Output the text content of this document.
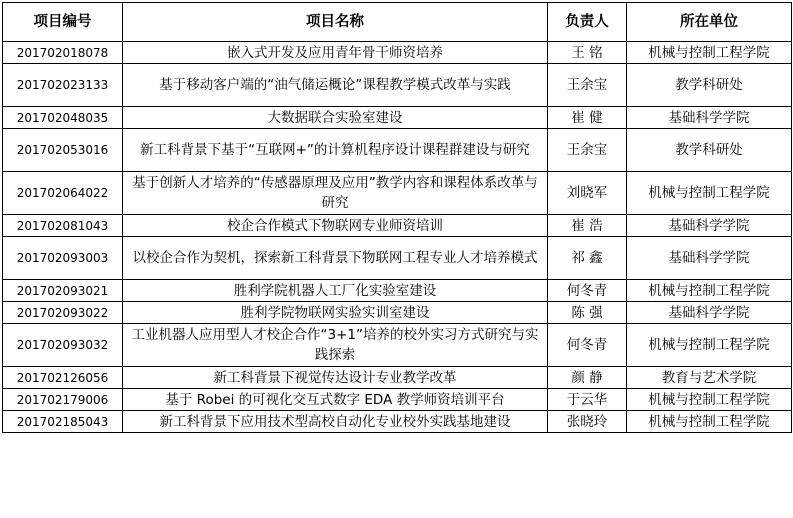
项目编号	项目名称	负责人	所在单位
201702018078	嵌入式开发及应用青年骨干师资培养	王 铭	机械与控制工程学院
201702023133	基于移动客户端的“油气储运概论”课程教学模式改革与实践	王余宝	教学科研处
201702048035	大数据联合实验室建设	崔 健	基础科学学院
201702053016	新工科背景下基于“互联网+”的计算机程序设计课程群建设与研究	王余宝	教学科研处
201702064022	基于创新人才培养的“传感器原理及应用”教学内容和课程体系改革与研究	刘晓军	机械与控制工程学院
201702081043	校企合作模式下物联网专业师资培训	崔 浩	基础科学学院
201702093003	以校企合作为契机，探索新工科背景下物联网工程专业人才培养模式	祁 鑫	基础科学学院
201702093021	胜利学院机器人工厂化实验室建设	何冬青	机械与控制工程学院
201702093022	胜利学院物联网实验实训室建设	陈 强	基础科学学院
201702093032	工业机器人应用型人才校企合作“3+1”培养的校外实习方式研究与实践探索	何冬青	机械与控制工程学院
201702126056	新工科背景下视觉传达设计专业教学改革	颜 静	教育与艺术学院
201702179006	基于 Robei 的可视化交互式数字 EDA 教学师资培训平台	于云华	机械与控制工程学院
201702185043	新工科背景下应用技术型高校自动化专业校外实践基地建设	张晓玲	机械与控制工程学院
